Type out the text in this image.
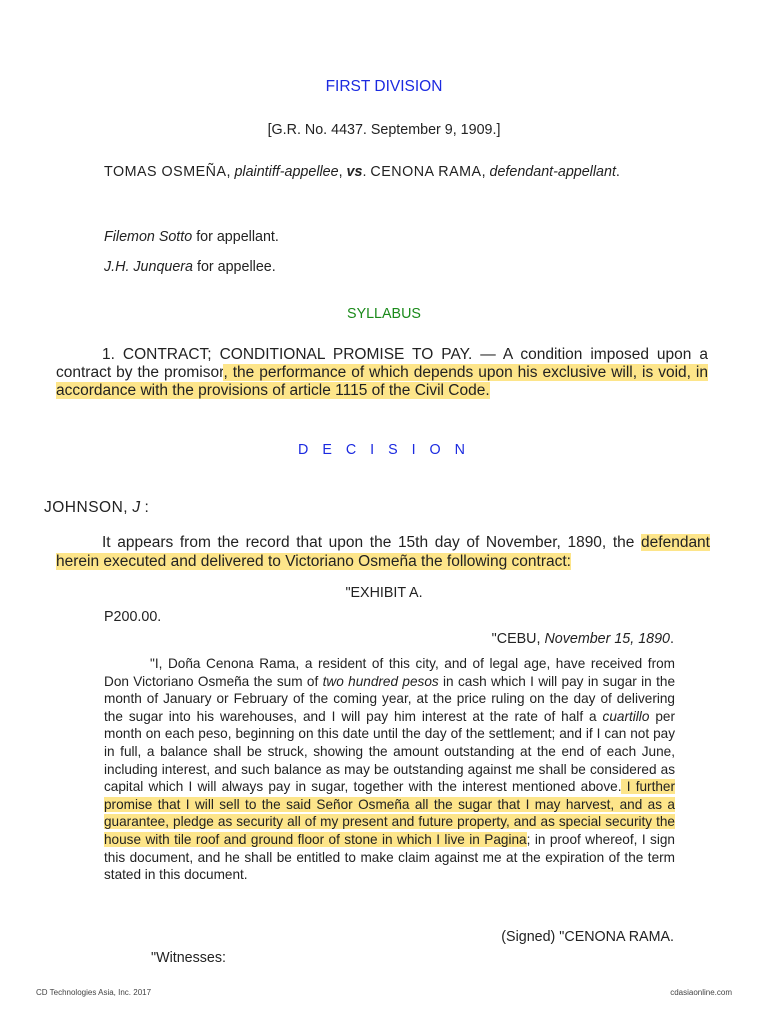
FIRST DIVISION
[G.R. No. 4437. September 9, 1909.]
TOMAS OSMEÑA, plaintiff-appellee, vs. CENONA RAMA, defendant-appellant.
Filemon Sotto for appellant.
J.H. Junquera for appellee.
SYLLABUS
1. CONTRACT; CONDITIONAL PROMISE TO PAY. — A condition imposed upon a contract by the promisor, the performance of which depends upon his exclusive will, is void, in accordance with the provisions of article 1115 of the Civil Code.
D E C I S I O N
JOHNSON, J :
It appears from the record that upon the 15th day of November, 1890, the defendant herein executed and delivered to Victoriano Osmeña the following contract:
"EXHIBIT A.
P200.00.
"CEBU, November 15, 1890.
"I, Doña Cenona Rama, a resident of this city, and of legal age, have received from Don Victoriano Osmeña the sum of two hundred pesos in cash which I will pay in sugar in the month of January or February of the coming year, at the price ruling on the day of delivering the sugar into his warehouses, and I will pay him interest at the rate of half a cuartillo per month on each peso, beginning on this date until the day of the settlement; and if I can not pay in full, a balance shall be struck, showing the amount outstanding at the end of each June, including interest, and such balance as may be outstanding against me shall be considered as capital which I will always pay in sugar, together with the interest mentioned above. I further promise that I will sell to the said Señor Osmeña all the sugar that I may harvest, and as a guarantee, pledge as security all of my present and future property, and as special security the house with tile roof and ground floor of stone in which I live in Pagina; in proof whereof, I sign this document, and he shall be entitled to make claim against me at the expiration of the term stated in this document.
(Signed) "CENONA RAMA.
"Witnesses:
CD Technologies Asia, Inc. 2017	cdasiaonline.com
